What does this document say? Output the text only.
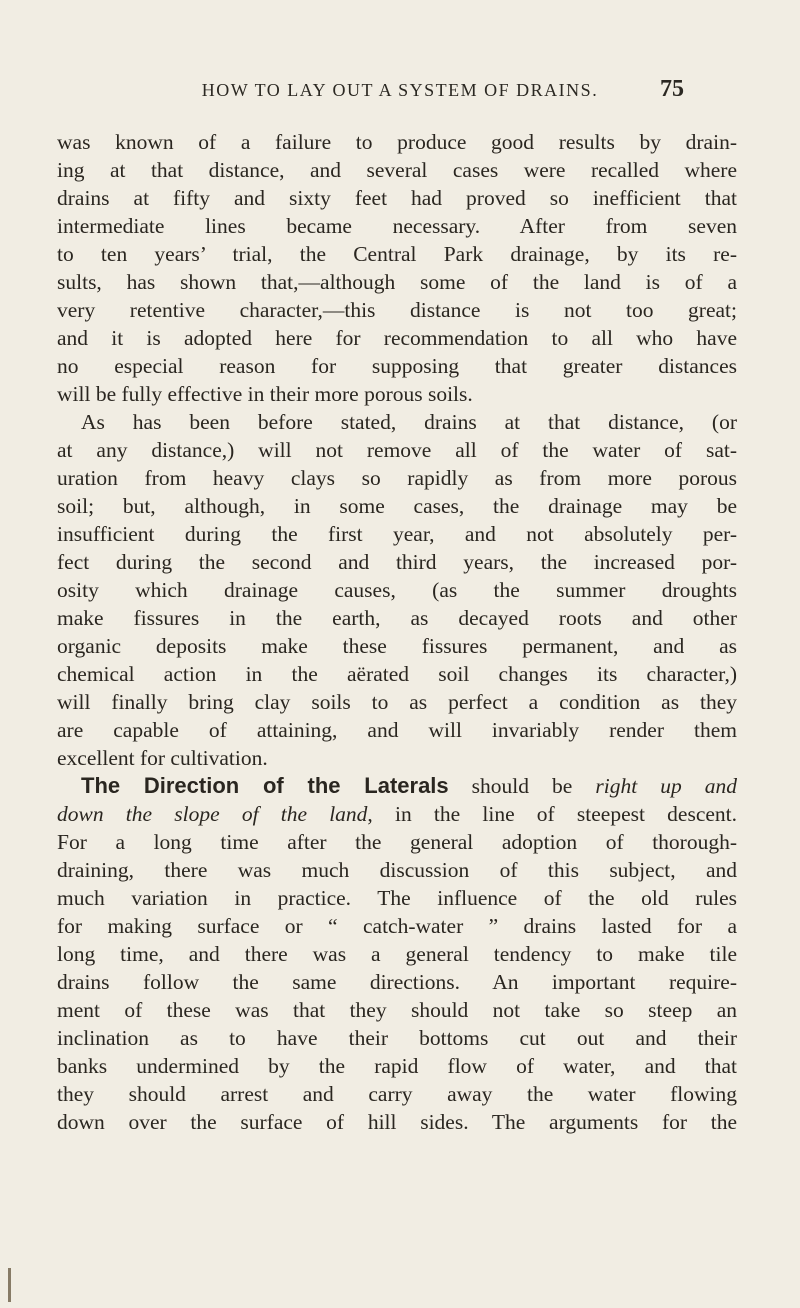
HOW TO LAY OUT A SYSTEM OF DRAINS.	75
was known of a failure to produce good results by drain-
ing at that distance, and several cases were recalled where
drains at fifty and sixty feet had proved so inefficient that
intermediate lines became necessary. After from seven
to ten years’ trial, the Central Park drainage, by its re-
sults, has shown that,—although some of the land is of a
very retentive character,—this distance is not too great;
and it is adopted here for recommendation to all who have
no especial reason for supposing that greater distances
will be fully effective in their more porous soils.
As has been before stated, drains at that distance, (or
at any distance,) will not remove all of the water of sat-
uration from heavy clays so rapidly as from more porous
soil; but, although, in some cases, the drainage may be
insufficient during the first year, and not absolutely per-
fect during the second and third years, the increased por-
osity which drainage causes, (as the summer droughts
make fissures in the earth, as decayed roots and other
organic deposits make these fissures permanent, and as
chemical action in the aërated soil changes its character,)
will finally bring clay soils to as perfect a condition as they
are capable of attaining, and will invariably render them
excellent for cultivation.
The Direction of the Laterals should be right up and
down the slope of the land, in the line of steepest descent.
For a long time after the general adoption of thorough-
draining, there was much discussion of this subject, and
much variation in practice. The influence of the old rules
for making surface or “ catch-water ” drains lasted for a
long time, and there was a general tendency to make tile
drains follow the same directions. An important require-
ment of these was that they should not take so steep an
inclination as to have their bottoms cut out and their
banks undermined by the rapid flow of water, and that
they should arrest and carry away the water flowing
down over the surface of hill sides. The arguments for the
